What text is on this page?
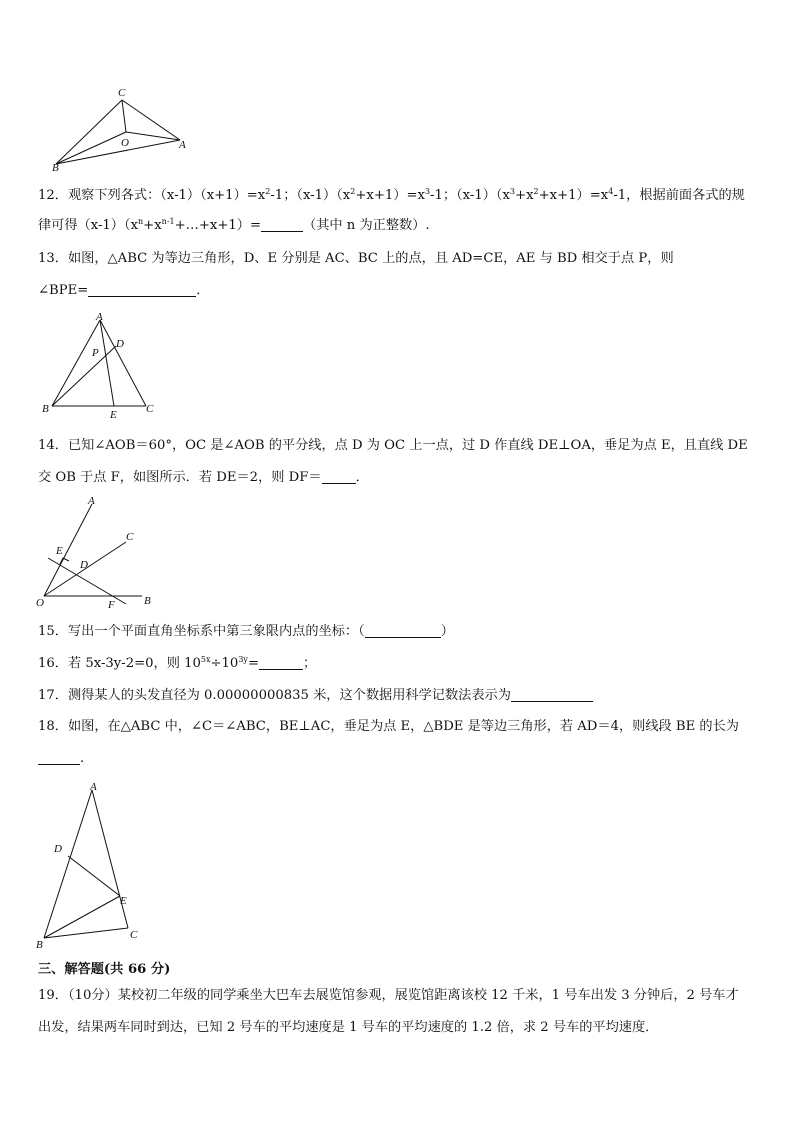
C
O	A
B
12．观察下列各式：$(x-1)(x+1)=x^2-1$；$(x-1)(x^2+x+1)=x^3-1$；$(x-1)(x^3+x^2+x+1)=x^4-1$，根据前面各式的规
律可得$(x-1)(x^n+x^{n-1}+\dots+x+1)=$	（其中 n 为正整数）.
13．如图，△ABC 为等边三角形，D、E 分别是 AC、BC 上的点，且 AD=CE，AE 与 BD 相交于点 P，则
∠BPE=	．
A
P
D
B	E	C
14．已知∠AOB＝60°，OC 是∠AOB 的平分线，点 D 为 OC 上一点，过 D 作直线 DE⊥OA，垂足为点 E，且直线 DE
交 OB 于点 F，如图所示．若 DE＝2，则 DF＝	．
A
C
E
D
O	F	B
15．写出一个平面直角坐标系中第三象限内点的坐标：（	）
16．若 5x-3y-2=0，则 $10^{5x}\div 10^{3y}=$	；
17．测得某人的头发直径为 0.00000000835 米，这个数据用科学记数法表示为
18．如图，在△ABC 中，∠C＝∠ABC，BE⊥AC，垂足为点 E，△BDE 是等边三角形，若 AD＝4，则线段 BE 的长为
.
A
D
E
B
C
三、解答题(共 66 分)
19．（10分）某校初二年级的同学乘坐大巴车去展览馆参观，展览馆距离该校 12 千米，1 号车出发 3 分钟后，2 号车才
出发，结果两车同时到达，已知 2 号车的平均速度是 1 号车的平均速度的 1.2 倍，求 2 号车的平均速度．
